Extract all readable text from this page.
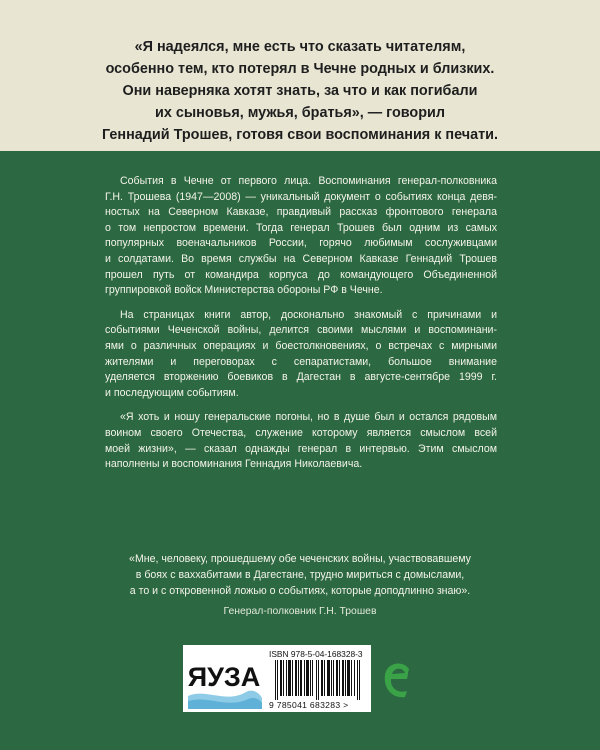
«Я надеялся, мне есть что сказать читателям,
особенно тем, кто потерял в Чечне родных и близких.
Они наверняка хотят знать, за что и как погибали
их сыновья, мужья, братья», — говорил
Геннадий Трошев, готовя свои воспоминания к печати.

События в Чечне от первого лица. Воспоминания генерал-полковника

Г.Н. Трошева (1947—2008) — уникальный документ о событиях конца девя-

ностых на Северном Кавказе, правдивый рассказ фронтового генерала

о том непростом времени. Тогда генерал Трошев был одним из самых

популярных военачальников России, горячо любимым сослуживцами

и солдатами. Во время службы на Северном Кавказе Геннадий Трошев

прошел путь от командира корпуса до командующего Объединенной

группировкой войск Министерства обороны РФ в Чечне.

На страницах книги автор, досконально знакомый с причинами и

событиями Чеченской войны, делится своими мыслями и воспоминани-

ями о различных операциях и боестолкновениях, о встречах с мирными

жителями и переговорах с сепаратистами, большое внимание

уделяется вторжению боевиков в Дагестан в августе-сентябре 1999 г.

и последующим событиям.

«Я хоть и ношу генеральские погоны, но в душе был и остался рядовым

воином своего Отечества, служение которому является смыслом всей

моей жизни», — сказал однажды генерал в интервью. Этим смыслом

наполнены и воспоминания Геннадия Николаевича.

«Мне, человеку, прошедшему обе чеченских войны, участвовавшему
в боях с ваххабитами в Дагестане, трудно мириться с домыслами,
а то и с откровенной ложью о событиях, которые доподлинно знаю».
Генерал-полковник Г.Н. Трошев
ЯУЗА
ISBN 978-5-04-168328-3
9 785041 683283 >
